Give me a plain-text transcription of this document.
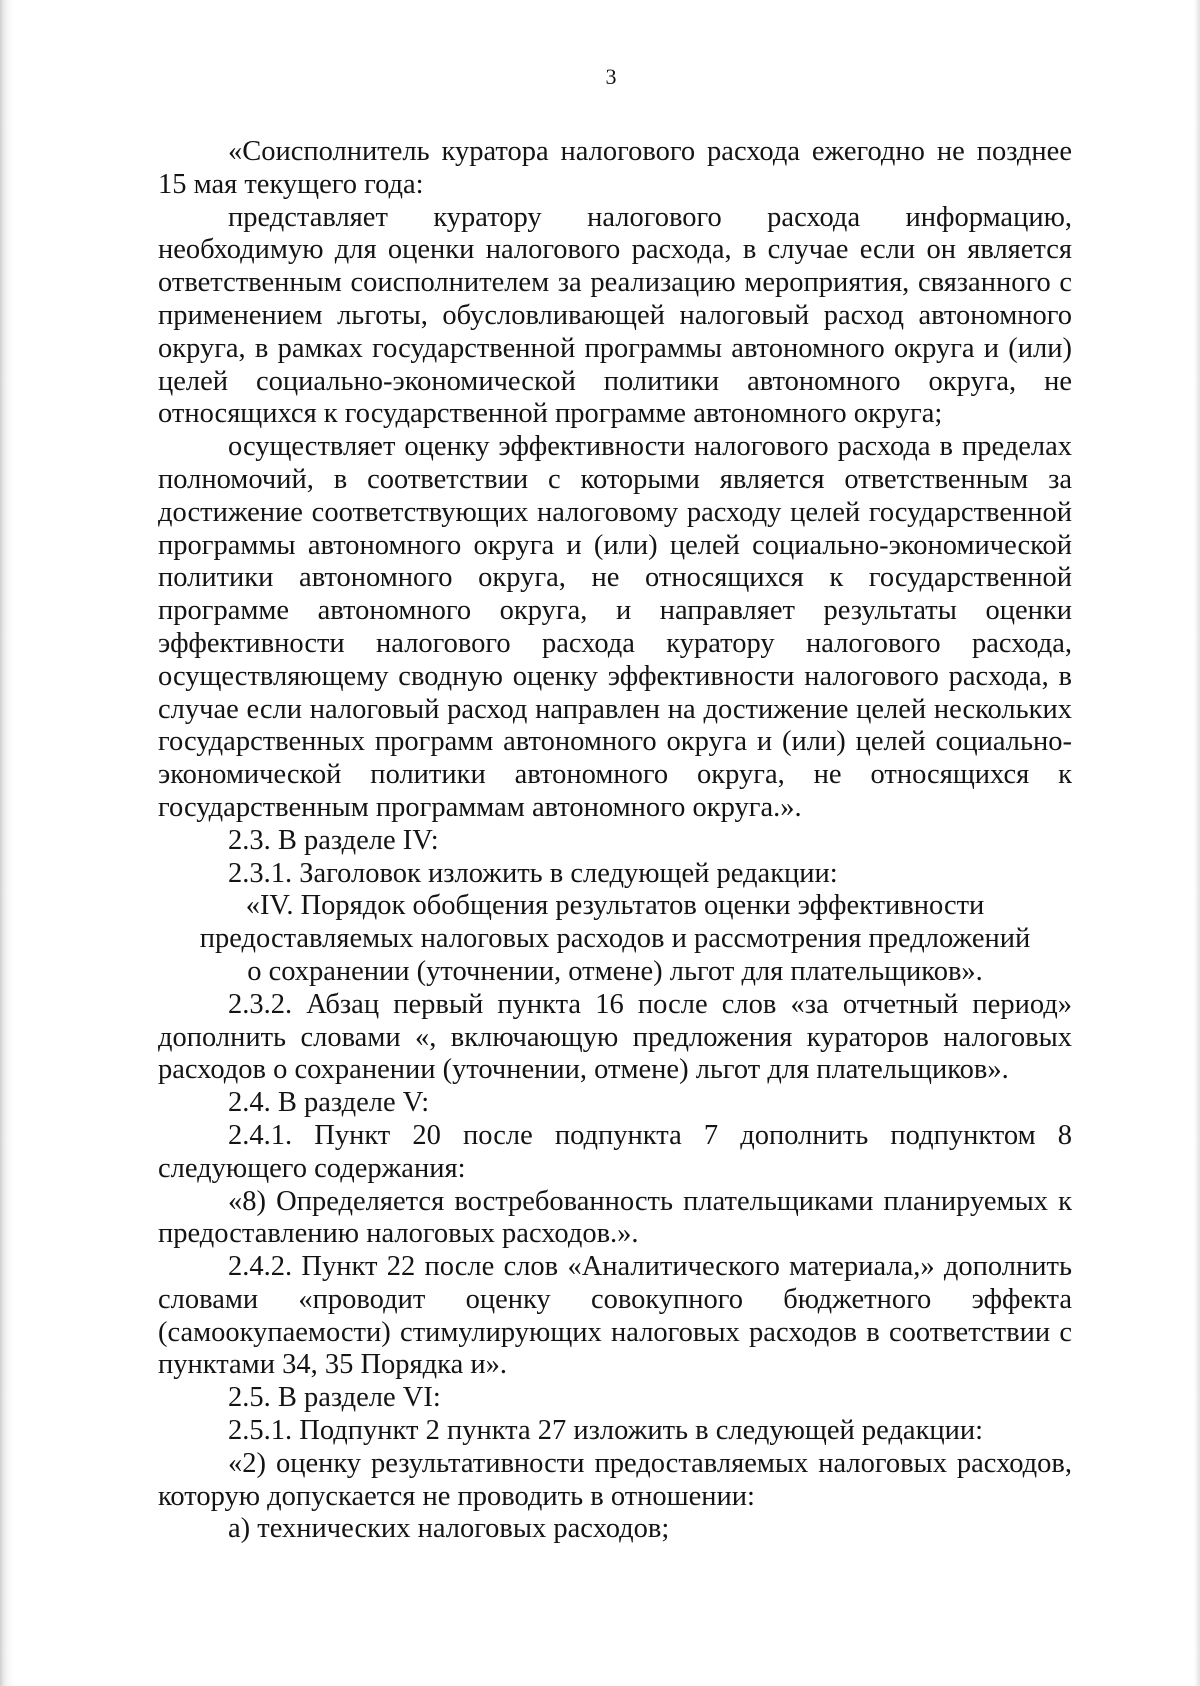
3

«Соисполнитель куратора налогового расхода ежегодно не позднее 15 мая текущего года:

представляет куратору налогового расхода информацию, необходимую для оценки налогового расхода, в случае если он является ответственным соисполнителем за реализацию мероприятия, связанного с применением льготы, обусловливающей налоговый расход автономного округа, в рамках государственной программы автономного округа и (или) целей социально-экономической политики автономного округа, не относящихся к государственной программе автономного округа;

осуществляет оценку эффективности налогового расхода в пределах полномочий, в соответствии с которыми является ответственным за достижение соответствующих налоговому расходу целей государственной программы автономного округа и (или) целей социально-экономической политики автономного округа, не относящихся к государственной программе автономного округа, и направляет результаты оценки эффективности налогового расхода куратору налогового расхода, осуществляющему сводную оценку эффективности налогового расхода, в случае если налоговый расход направлен на достижение целей нескольких государственных программ автономного округа и (или) целей социально-экономической политики автономного округа, не относящихся к государственным программам автономного округа.».

2.3. В разделе IV:

2.3.1. Заголовок изложить в следующей редакции:

«IV. Порядок обобщения результатов оценки эффективности

предоставляемых налоговых расходов и рассмотрения предложений

о сохранении (уточнении, отмене) льгот для плательщиков».

2.3.2. Абзац первый пункта 16 после слов «за отчетный период» дополнить словами «, включающую предложения кураторов налоговых расходов о сохранении (уточнении, отмене) льгот для плательщиков».

2.4. В разделе V:

2.4.1. Пункт 20 после подпункта 7 дополнить подпунктом 8 следующего содержания:

«8) Определяется востребованность плательщиками планируемых к предоставлению налоговых расходов.».

2.4.2. Пункт 22 после слов «Аналитического материала,» дополнить словами «проводит оценку совокупного бюджетного эффекта (самоокупаемости) стимулирующих налоговых расходов в соответствии с пунктами 34, 35 Порядка и».

2.5. В разделе VI:

2.5.1. Подпункт 2 пункта 27 изложить в следующей редакции:

«2) оценку результативности предоставляемых налоговых расходов, которую допускается не проводить в отношении:

а) технических налоговых расходов;
